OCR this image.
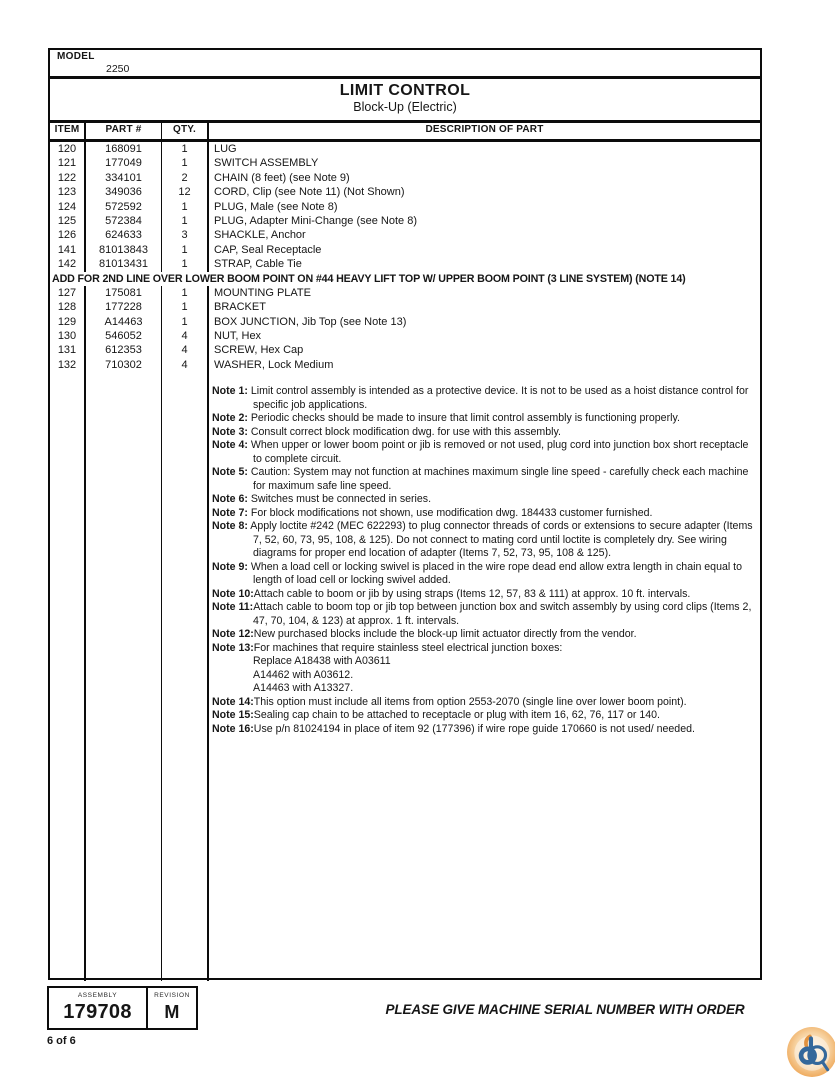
MODEL
2250
LIMIT CONTROL
Block-Up (Electric)
ITEM	PART #	QTY.	DESCRIPTION OF PART
120	168091	1	LUG
121	177049	1	SWITCH ASSEMBLY
122	334101	2	CHAIN (8 feet) (see Note 9)
123	349036	12	CORD, Clip (see Note 11) (Not Shown)
124	572592	1	PLUG, Male (see Note 8)
125	572384	1	PLUG, Adapter Mini-Change (see Note 8)
126	624633	3	SHACKLE, Anchor
141	81013843	1	CAP, Seal Receptacle
142	81013431	1	STRAP, Cable Tie
ADD FOR 2ND LINE OVER LOWER BOOM POINT ON #44 HEAVY LIFT TOP W/ UPPER BOOM POINT (3 LINE SYSTEM) (NOTE 14)
127	175081	1	MOUNTING PLATE
128	177228	1	BRACKET
129	A14463	1	BOX JUNCTION, Jib Top (see Note 13)
130	546052	4	NUT, Hex
131	612353	4	SCREW, Hex Cap
132	710302	4	WASHER, Lock Medium
Note 1: Limit control assembly is intended as a protective device. It is not to be used as a hoist distance control for specific job applications.
Note 2: Periodic checks should be made to insure that limit control assembly is functioning properly.
Note 3: Consult correct block modification dwg. for use with this assembly.
Note 4: When upper or lower boom point or jib is removed or not used, plug cord into junction box short receptacle to complete circuit.
Note 5: Caution: System may not function at machines maximum single line speed - carefully check each machine for maximum safe line speed.
Note 6: Switches must be connected in series.
Note 7: For block modifications not shown, use modification dwg. 184433 customer furnished.
Note 8: Apply loctite #242 (MEC 622293) to plug connector threads of cords or extensions to secure adapter (Items 7, 52, 60, 73, 95, 108, & 125). Do not connect to mating cord until loctite is completely dry. See wiring diagrams for proper end location of adapter (Items 7, 52, 73, 95, 108 & 125).
Note 9: When a load cell or locking swivel is placed in the wire rope dead end allow extra length in chain equal to length of load cell or locking swivel added.
Note 10:Attach cable to boom or jib by using straps (Items 12, 57, 83 & 111) at approx. 10 ft. intervals.
Note 11:Attach cable to boom top or jib top between junction box and switch assembly by using cord clips (Items 2, 47, 70, 104, & 123) at approx. 1 ft. intervals.
Note 12:New purchased blocks include the block-up limit actuator directly from the vendor.
Note 13:For machines that require stainless steel electrical junction boxes:
Replace A18438 with A03611
A14462 with A03612.
A14463 with A13327.
Note 14:This option must include all items from option 2553-2070 (single line over lower boom point).
Note 15:Sealing cap chain to be attached to receptacle or plug with item 16, 62, 76, 117 or 140.
Note 16:Use p/n 81024194 in place of item 92 (177396) if wire rope guide 170660 is not used/ needed.
ASSEMBLY
179708
REVISION
M	PLEASE GIVE MACHINE SERIAL NUMBER WITH ORDER
6 of 6
